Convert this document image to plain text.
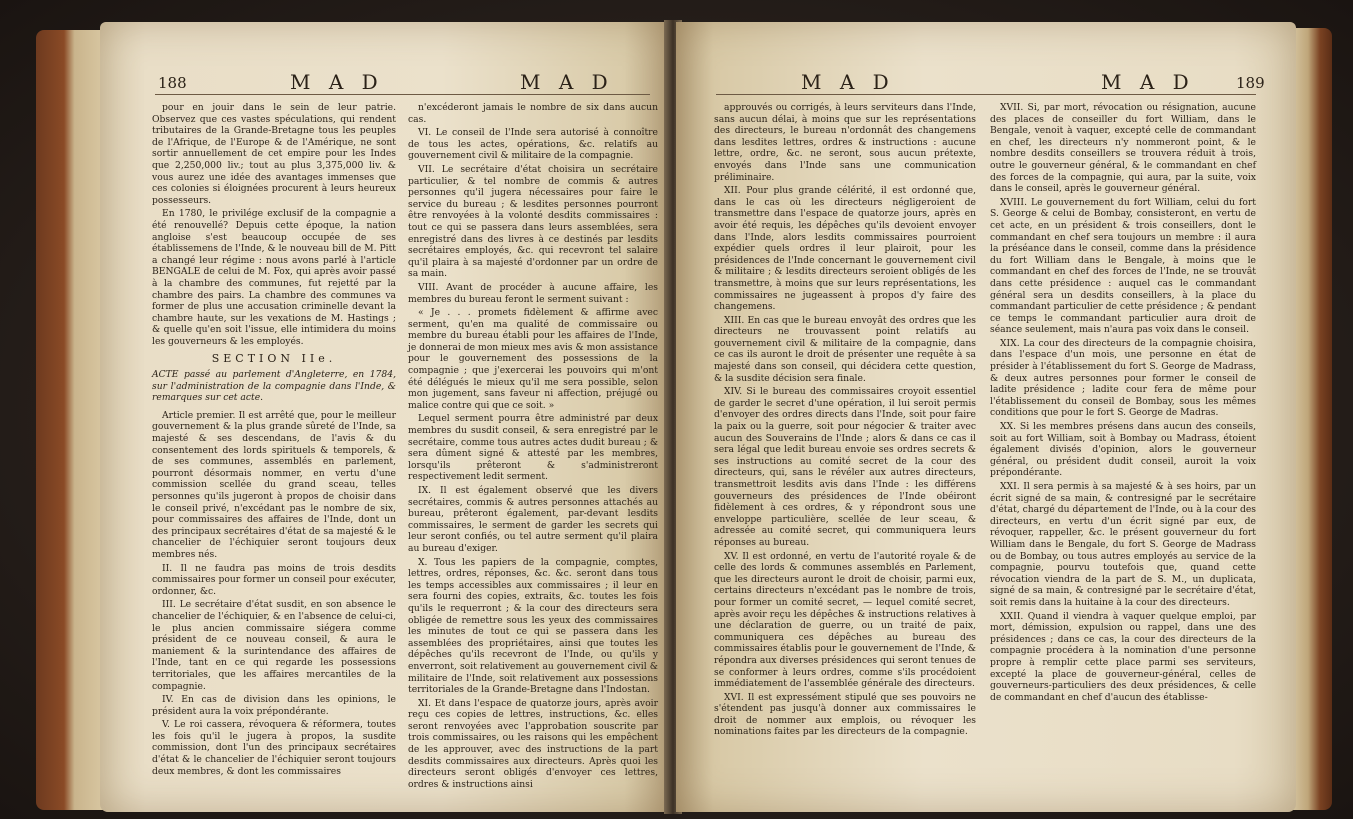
188	M A D	M A D

pour en jouir dans le sein de leur patrie. Observez que ces vastes spéculations, qui rendent tributaires de la Grande-Bretagne tous les peuples de l'Afrique, de l'Europe & de l'Amérique, ne sont sortir annuellement de cet empire pour les Indes que 2,250,000 liv.; tout au plus 3,375,000 liv. & vous aurez une idée des avantages immenses que ces colonies si éloignées procurent à leurs heureux possesseurs.

En 1780, le privilége exclusif de la compagnie a été renouvellé? Depuis cette époque, la nation angloise s'est beaucoup occupée de ses établissemens de l'Inde, & le nouveau bill de M. Pitt a changé leur régime : nous avons parlé à l'article BENGALE de celui de M. Fox, qui après avoir passé à la chambre des communes, fut rejetté par la chambre des pairs. La chambre des communes va former de plus une accusation criminelle devant la chambre haute, sur les vexations de M. Hastings ; & quelle qu'en soit l'issue, elle intimidera du moins les gouverneurs & les employés.

SECTION IIe.
ACTE passé au parlement d'Angleterre, en 1784, sur l'administration de la compagnie dans l'Inde, & remarques sur cet acte.

Article premier. Il est arrêté que, pour le meilleur gouvernement & la plus grande sûreté de l'Inde, sa majesté & ses descendans, de l'avis & du consentement des lords spirituels & temporels, & de ses communes, assemblés en parlement, pourront désormais nommer, en vertu d'une commission scellée du grand sceau, telles personnes qu'ils jugeront à propos de choisir dans le conseil privé, n'excédant pas le nombre de six, pour commissaires des affaires de l'Inde, dont un des principaux secrétaires d'état de sa majesté & le chancelier de l'échiquier seront toujours deux membres nés.

II. Il ne faudra pas moins de trois desdits commissaires pour former un conseil pour exécuter, ordonner, &c.

III. Le secrétaire d'état susdit, en son absence le chancelier de l'échiquier, & en l'absence de celui-ci, le plus ancien commissaire siégera comme président de ce nouveau conseil, & aura le maniement & la surintendance des affaires de l'Inde, tant en ce qui regarde les possessions territoriales, que les affaires mercantiles de la compagnie.

IV. En cas de division dans les opinions, le président aura la voix prépondérante.

V. Le roi cassera, révoquera & réformera, toutes les fois qu'il le jugera à propos, la susdite commission, dont l'un des principaux secrétaires d'état & le chancelier de l'échiquier seront toujours deux membres, & dont les commissaires

n'excéderont jamais le nombre de six dans aucun cas.

VI. Le conseil de l'Inde sera autorisé à connoître de tous les actes, opérations, &c. relatifs au gouvernement civil & militaire de la compagnie.

VII. Le secrétaire d'état choisira un secrétaire particulier, & tel nombre de commis & autres personnes qu'il jugera nécessaires pour faire le service du bureau ; & lesdites personnes pourront être renvoyées à la volonté desdits commissaires : tout ce qui se passera dans leurs assemblées, sera enregistré dans des livres à ce destinés par lesdits secrétaires employés, &c. qui recevront tel salaire qu'il plaira à sa majesté d'ordonner par un ordre de sa main.

VIII. Avant de procéder à aucune affaire, les membres du bureau feront le serment suivant :

« Je . . . promets fidèlement & affirme avec serment, qu'en ma qualité de commissaire ou membre du bureau établi pour les affaires de l'Inde, je donnerai de mon mieux mes avis & mon assistance pour le gouvernement des possessions de la compagnie ; que j'exercerai les pouvoirs qui m'ont été délégués le mieux qu'il me sera possible, selon mon jugement, sans faveur ni affection, préjugé ou malice contre qui que ce soit. »

Lequel serment pourra être administré par deux membres du susdit conseil, & sera enregistré par le secrétaire, comme tous autres actes dudit bureau ; & sera dûment signé & attesté par les membres, lorsqu'ils prêteront & s'administreront respectivement ledit serment.

IX. Il est également observé que les divers secrétaires, commis & autres personnes attachés au bureau, prêteront également, par-devant lesdits commissaires, le serment de garder les secrets qui leur seront confiés, ou tel autre serment qu'il plaira au bureau d'exiger.

X. Tous les papiers de la compagnie, comptes, lettres, ordres, réponses, &c. &c. seront dans tous les temps accessibles aux commissaires ; il leur en sera fourni des copies, extraits, &c. toutes les fois qu'ils le requerront ; & la cour des directeurs sera obligée de remettre sous les yeux des commissaires les minutes de tout ce qui se passera dans les assemblées des propriétaires, ainsi que toutes les dépêches qu'ils recevront de l'Inde, ou qu'ils y enverront, soit relativement au gouvernement civil & militaire de l'Inde, soit relativement aux possessions territoriales de la Grande-Bretagne dans l'Indostan.

XI. Et dans l'espace de quatorze jours, après avoir reçu ces copies de lettres, instructions, &c. elles seront renvoyées avec l'approbation souscrite par trois commissaires, ou les raisons qui les empêchent de les approuver, avec des instructions de la part desdits commissaires aux directeurs. Après quoi les directeurs seront obligés d'envoyer ces lettres, ordres & instructions ainsi

M A D	M A D	189

approuvés ou corrigés, à leurs serviteurs dans l'Inde, sans aucun délai, à moins que sur les représentations des directeurs, le bureau n'ordonnât des changemens dans lesdites lettres, ordres & instructions : aucune lettre, ordre, &c. ne seront, sous aucun prétexte, envoyés dans l'Inde sans une communication préliminaire.

XII. Pour plus grande célérité, il est ordonné que, dans le cas où les directeurs négligeroient de transmettre dans l'espace de quatorze jours, après en avoir été requis, les dépêches qu'ils devoient envoyer dans l'Inde, alors lesdits commissaires pourroient expédier quels ordres il leur plairoit, pour les présidences de l'Inde concernant le gouvernement civil & militaire ; & lesdits directeurs seroient obligés de les transmettre, à moins que sur leurs représentations, les commissaires ne jugeassent à propos d'y faire des changemens.

XIII. En cas que le bureau envoyât des ordres que les directeurs ne trouvassent point relatifs au gouvernement civil & militaire de la compagnie, dans ce cas ils auront le droit de présenter une requête à sa majesté dans son conseil, qui décidera cette question, & la susdite décision sera finale.

XIV. Si le bureau des commissaires croyoit essentiel de garder le secret d'une opération, il lui seroit permis d'envoyer des ordres directs dans l'Inde, soit pour faire la paix ou la guerre, soit pour négocier & traiter avec aucun des Souverains de l'Inde ; alors & dans ce cas il sera légal que ledit bureau envoie ses ordres secrets & ses instructions au comité secret de la cour des directeurs, qui, sans le révéler aux autres directeurs, transmettroit lesdits avis dans l'Inde : les différens gouverneurs des présidences de l'Inde obéiront fidèlement à ces ordres, & y répondront sous une enveloppe particulière, scellée de leur sceau, & adressée au comité secret, qui communiquera leurs réponses au bureau.

XV. Il est ordonné, en vertu de l'autorité royale & de celle des lords & communes assemblés en Parlement, que les directeurs auront le droit de choisir, parmi eux, certains directeurs n'excédant pas le nombre de trois, pour former un comité secret, — lequel comité secret, après avoir reçu les dépêches & instructions relatives à une déclaration de guerre, ou un traité de paix, communiquera ces dépêches au bureau des commissaires établis pour le gouvernement de l'Inde, & répondra aux diverses présidences qui seront tenues de se conformer à leurs ordres, comme s'ils procédoient immédiatement de l'assemblée générale des directeurs.

XVI. Il est expressément stipulé que ses pouvoirs ne s'étendent pas jusqu'à donner aux commissaires le droit de nommer aux emplois, ou révoquer les nominations faites par les directeurs de la compagnie.

XVII. Si, par mort, révocation ou résignation, aucune des places de conseiller du fort William, dans le Bengale, venoit à vaquer, excepté celle de commandant en chef, les directeurs n'y nommeront point, & le nombre desdits conseillers se trouvera réduit à trois, outre le gouverneur général, & le commandant en chef des forces de la compagnie, qui aura, par la suite, voix dans le conseil, après le gouverneur général.

XVIII. Le gouvernement du fort William, celui du fort S. George & celui de Bombay, consisteront, en vertu de cet acte, en un président & trois conseillers, dont le commandant en chef sera toujours un membre : il aura la préséance dans le conseil, comme dans la présidence du fort William dans le Bengale, à moins que le commandant en chef des forces de l'Inde, ne se trouvât dans cette présidence : auquel cas le commandant général sera un desdits conseillers, à la place du commandant particulier de cette présidence ; & pendant ce temps le commandant particulier aura droit de séance seulement, mais n'aura pas voix dans le conseil.

XIX. La cour des directeurs de la compagnie choisira, dans l'espace d'un mois, une personne en état de présider à l'établissement du fort S. George de Madrass, & deux autres personnes pour former le conseil de ladite présidence ; ladite cour fera de même pour l'établissement du conseil de Bombay, sous les mêmes conditions que pour le fort S. George de Madras.

XX. Si les membres présens dans aucun des conseils, soit au fort William, soit à Bombay ou Madrass, étoient également divisés d'opinion, alors le gouverneur général, ou président dudit conseil, auroit la voix prépondérante.

XXI. Il sera permis à sa majesté & à ses hoirs, par un écrit signé de sa main, & contresigné par le secrétaire d'état, chargé du département de l'Inde, ou à la cour des directeurs, en vertu d'un écrit signé par eux, de révoquer, rappeller, &c. le présent gouverneur du fort William dans le Bengale, du fort S. George de Madrass ou de Bombay, ou tous autres employés au service de la compagnie, pourvu toutefois que, quand cette révocation viendra de la part de S. M., un duplicata, signé de sa main, & contresigné par le secrétaire d'état, soit remis dans la huitaine à la cour des directeurs.

XXII. Quand il viendra à vaquer quelque emploi, par mort, démission, expulsion ou rappel, dans une des présidences ; dans ce cas, la cour des directeurs de la compagnie procédera à la nomination d'une personne propre à remplir cette place parmi ses serviteurs, excepté la place de gouverneur-général, celles de gouverneurs-particuliers des deux présidences, & celle de commandant en chef d'aucun des établisse-
